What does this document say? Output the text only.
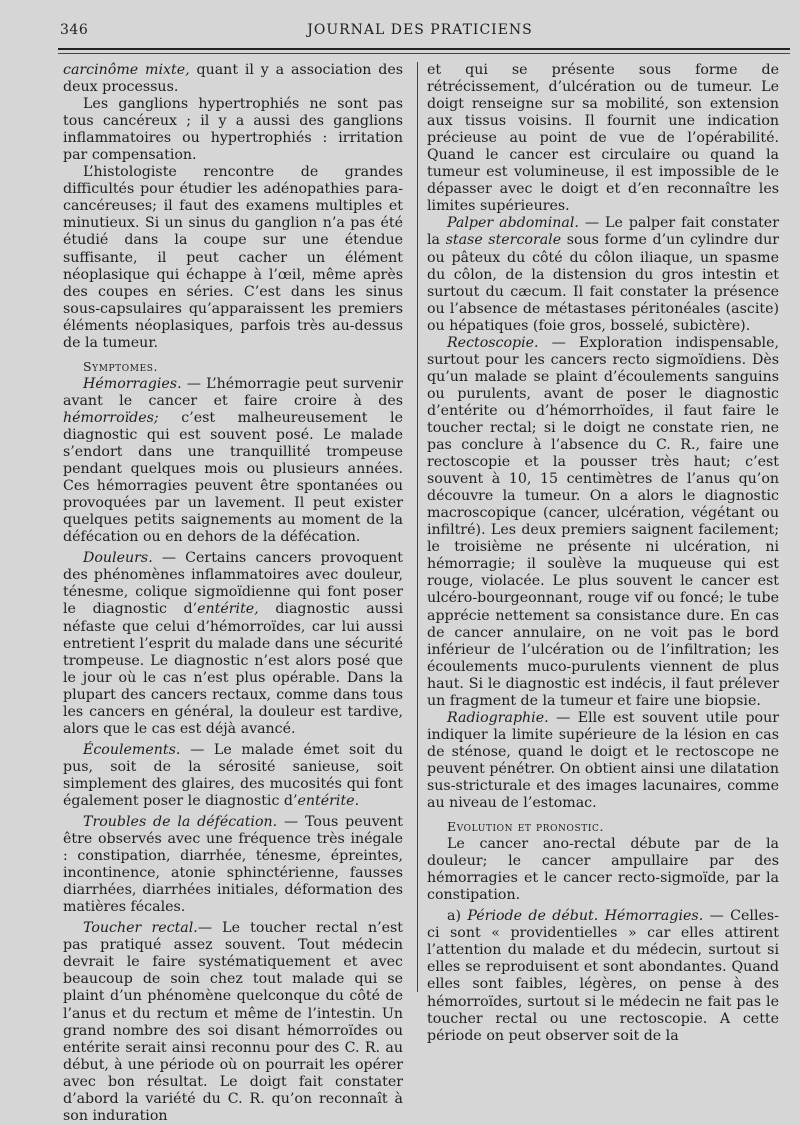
346	JOURNAL DES PRATICIENS

carcinôme mixte, quant il y a association des deux processus.

Les ganglions hypertrophiés ne sont pas tous cancéreux ; il y a aussi des ganglions inflammatoires ou hypertrophiés : irritation par compensation.

L’histologiste rencontre de grandes difficultés pour étudier les adénopathies para-cancéreuses; il faut des examens multiples et minutieux. Si un sinus du ganglion n’a pas été étudié dans la coupe sur une étendue suffisante, il peut cacher un élément néoplasique qui échappe à l’œil, même après des coupes en séries. C’est dans les sinus sous-capsulaires qu’apparaissent les premiers éléments néoplasiques, parfois très au-dessus de la tumeur.

Symptomes.

Hémorragies. — L’hémorragie peut survenir avant le cancer et faire croire à des hémorroïdes; c’est malheureusement le diagnostic qui est souvent posé. Le malade s’endort dans une tranquillité trompeuse pendant quelques mois ou plusieurs années. Ces hémorragies peuvent être spontanées ou provoquées par un lavement. Il peut exister quelques petits saignements au moment de la défécation ou en dehors de la défécation.

Douleurs. — Certains cancers provoquent des phénomènes inflammatoires avec douleur, ténesme, colique sigmoïdienne qui font poser le diagnostic d’entérite, diagnostic aussi néfaste que celui d’hémorroïdes, car lui aussi entretient l’esprit du malade dans une sécurité trompeuse. Le diagnostic n’est alors posé que le jour où le cas n’est plus opérable. Dans la plupart des cancers rectaux, comme dans tous les cancers en général, la douleur est tardive, alors que le cas est déjà avancé.

Écoulements. — Le malade émet soit du pus, soit de la sérosité sanieuse, soit simplement des glaires, des mucosités qui font également poser le diagnostic d’entérite.

Troubles de la défécation. — Tous peuvent être observés avec une fréquence très inégale : constipation, diarrhée, ténesme, épreintes, incontinence, atonie sphinctérienne, fausses diarrhées, diarrhées initiales, déformation des matières fécales.

Toucher rectal.— Le toucher rectal n’est pas pratiqué assez souvent. Tout médecin devrait le faire systématiquement et avec beaucoup de soin chez tout malade qui se plaint d’un phénomène quelconque du côté de l’anus et du rectum et même de l’intestin. Un grand nombre des soi disant hémorroïdes ou entérite serait ainsi reconnu pour des C. R. au début, à une période où on pourrait les opérer avec bon résultat. Le doigt fait constater d’abord la variété du C. R. qu’on reconnaît à son induration

et qui se présente sous forme de rétrécissement, d’ulcération ou de tumeur. Le doigt renseigne sur sa mobilité, son extension aux tissus voisins. Il fournit une indication précieuse au point de vue de l’opérabilité. Quand le cancer est circulaire ou quand la tumeur est volumineuse, il est impossible de le dépasser avec le doigt et d’en reconnaître les limites supérieures.

Palper abdominal. — Le palper fait constater la stase stercorale sous forme d’un cylindre dur ou pâteux du côté du côlon iliaque, un spasme du côlon, de la distension du gros intestin et surtout du cæcum. Il fait constater la présence ou l’absence de métastases péritonéales (ascite) ou hépatiques (foie gros, bosselé, subictère).

Rectoscopie. — Exploration indispensable, surtout pour les cancers recto sigmoïdiens. Dès qu’un malade se plaint d’écoulements sanguins ou purulents, avant de poser le diagnostic d’entérite ou d’hémorrhoïdes, il faut faire le toucher rectal; si le doigt ne constate rien, ne pas conclure à l’absence du C. R., faire une rectoscopie et la pousser très haut; c’est souvent à 10, 15 centimètres de l’anus qu’on découvre la tumeur. On a alors le diagnostic macroscopique (cancer, ulcération, végétant ou infiltré). Les deux premiers saignent facilement; le troisième ne présente ni ulcération, ni hémorragie; il soulève la muqueuse qui est rouge, violacée. Le plus souvent le cancer est ulcéro-bourgeonnant, rouge vif ou foncé; le tube apprécie nettement sa consistance dure. En cas de cancer annulaire, on ne voit pas le bord inférieur de l’ulcération ou de l’infiltration; les écoulements muco-purulents viennent de plus haut. Si le diagnostic est indécis, il faut prélever un fragment de la tumeur et faire une biopsie.

Radiographie. — Elle est souvent utile pour indiquer la limite supérieure de la lésion en cas de sténose, quand le doigt et le rectoscope ne peuvent pénétrer. On obtient ainsi une dilatation sus-stricturale et des images lacunaires, comme au niveau de l’estomac.

Evolution et pronostic.

Le cancer ano-rectal débute par de la douleur; le cancer ampullaire par des hémorragies et le cancer recto-sigmoïde, par la constipation.

a) Période de début. Hémorragies. — Celles-ci sont « providentielles » car elles attirent l’attention du malade et du médecin, surtout si elles se reproduisent et sont abondantes. Quand elles sont faibles, légères, on pense à des hémorroïdes, surtout si le médecin ne fait pas le toucher rectal ou une rectoscopie. A cette période on peut observer soit de la
